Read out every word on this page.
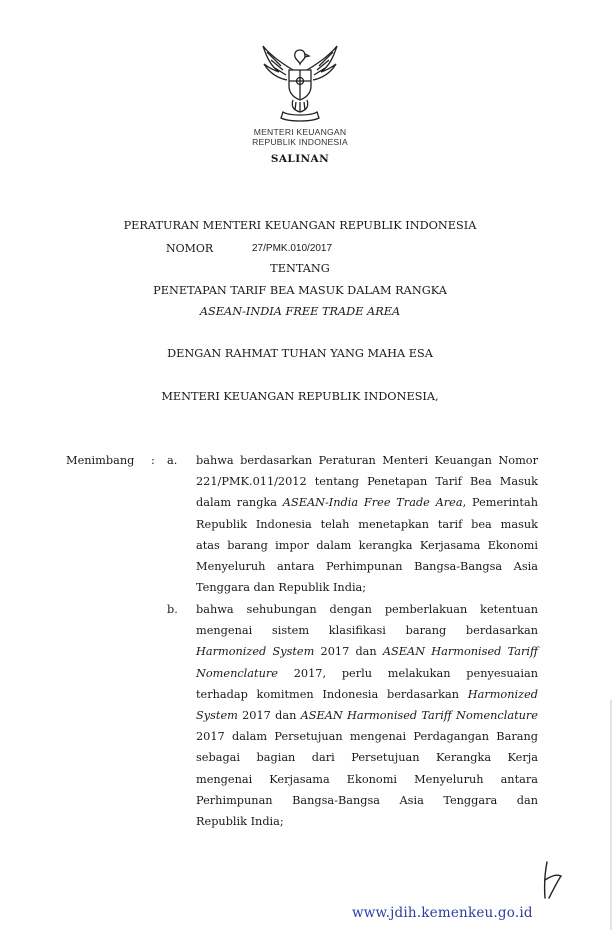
MENTERI KEUANGAN
REPUBLIK INDONESIA
SALINAN
PERATURAN MENTERI KEUANGAN REPUBLIK INDONESIA
NOMOR	27/PMK.010/2017
TENTANG
PENETAPAN TARIF BEA MASUK DALAM RANGKA
ASEAN-INDIA FREE TRADE AREA
DENGAN RAHMAT TUHAN YANG MAHA ESA
MENTERI KEUANGAN REPUBLIK INDONESIA,
Menimbang : a. bahwa berdasarkan Peraturan Menteri Keuangan Nomor
221/PMK.011/2012 tentang Penetapan Tarif Bea Masuk
dalam rangka ASEAN-India Free Trade Area, Pemerintah
Republik Indonesia telah menetapkan tarif bea masuk
atas barang impor dalam kerangka Kerjasama Ekonomi
Menyeluruh antara Perhimpunan Bangsa-Bangsa Asia
Tenggara dan Republik India;
b. bahwa sehubungan dengan pemberlakuan ketentuan
mengenai sistem klasifikasi barang berdasarkan
Harmonized System 2017 dan ASEAN Harmonised Tariff
Nomenclature 2017, perlu melakukan penyesuaian
terhadap komitmen Indonesia berdasarkan Harmonized
System 2017 dan ASEAN Harmonised Tariff Nomenclature
2017 dalam Persetujuan mengenai Perdagangan Barang
sebagai bagian dari Persetujuan Kerangka Kerja
mengenai Kerjasama Ekonomi Menyeluruh antara
Perhimpunan Bangsa-Bangsa Asia Tenggara dan
Republik India;
www.jdih.kemenkeu.go.id
